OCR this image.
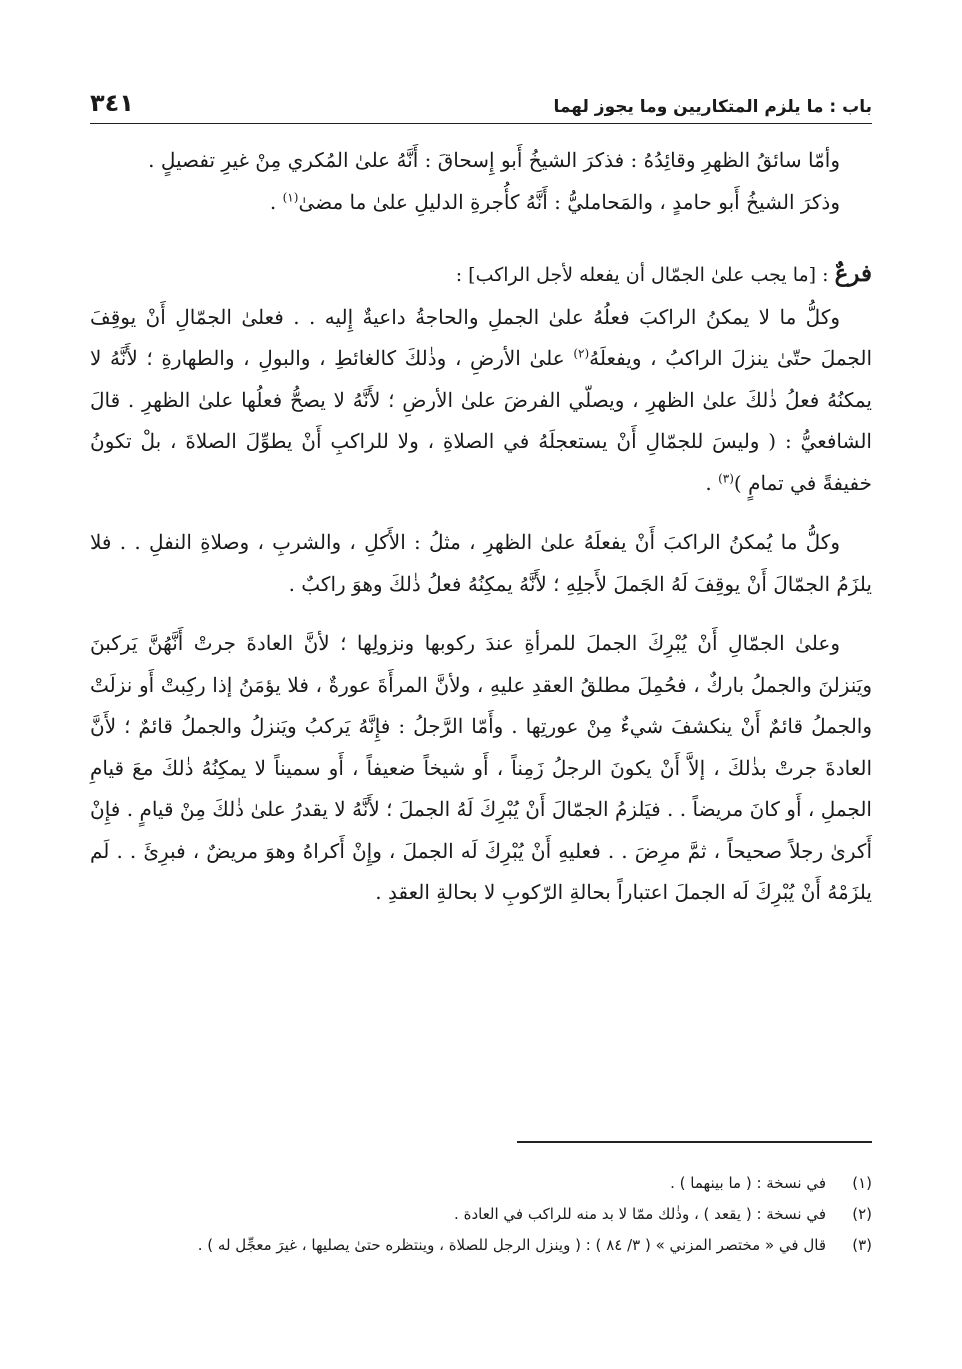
باب : ما يلزم المتكاريين وما يجوز لهما
٣٤١

وأمّا سائقُ الظهرِ وقائِدُهُ : فذكرَ الشيخُ أَبو إِسحاقَ : أَنَّهُ علىٰ المُكري مِنْ غيرِ تفصيلٍ .

وذكرَ الشيخُ أَبو حامدٍ ، والمَحامليُّ : أَنَّهُ كأُجرةِ الدليلِ علىٰ ما مضىٰ$^{(١)}$ .

فرعٌ : [ما يجب علىٰ الجمّال أن يفعله لأجل الراكب] :

وكلُّ ما لا يمكنُ الراكبَ فعلُهُ علىٰ الجملِ والحاجةُ داعيةٌ إِليه . . فعلىٰ الجمّالِ أَنْ يوقِفَ الجملَ حتّىٰ ينزلَ الراكبُ ، ويفعلَهُ$^{(٢)}$ علىٰ الأرضِ ، وذٰلكَ كالغائطِ ، والبولِ ، والطهارةِ ؛ لأَنَّهُ لا يمكنُهُ فعلُ ذٰلكَ علىٰ الظهرِ ، ويصلّي الفرضَ علىٰ الأرضِ ؛ لأَنَّهُ لا يصحُّ فعلُها علىٰ الظهرِ . قالَ الشافعيُّ : ( وليسَ للجمّالِ أَنْ يستعجلَهُ في الصلاةِ ، ولا للراكبِ أَنْ يطوِّلَ الصلاةَ ، بلْ تكونُ خفيفةً في تمامٍ )$^{(٣)}$ .

وكلُّ ما يُمكنُ الراكبَ أَنْ يفعلَهُ علىٰ الظهرِ ، مثلُ : الأَكلِ ، والشربِ ، وصلاةِ النفلِ . . فلا يلزَمُ الجمّالَ أَنْ يوقِفَ لَهُ الجَملَ لأَجلِهِ ؛ لأَنَّهُ يمكِنُهُ فعلُ ذٰلكَ وهوَ راكبٌ .

وعلىٰ الجمّالِ أَنْ يُبْرِكَ الجملَ للمرأةِ عندَ ركوبها ونزولِها ؛ لأنَّ العادةَ جرتْ أَنَّهُنَّ يَركبنَ ويَنزلنَ والجملُ باركٌ ، فحُمِلَ مطلقُ العقدِ عليهِ ، ولأنَّ المرأَةَ عورةٌ ، فلا يؤمَنُ إذا ركِبتْ أَو نزلَتْ والجملُ قائمٌ أَنْ ينكشفَ شيءٌ مِنْ عورتِها . وأَمّا الرَّجلُ : فإِنَّهُ يَركبُ ويَنزلُ والجملُ قائمٌ ؛ لأَنَّ العادةَ جرتْ بذٰلكَ ، إلاَّ أَنْ يكونَ الرجلُ زَمِناً ، أَو شيخاً ضعيفاً ، أَو سميناً لا يمكِنُهُ ذٰلكَ معَ قيامِ الجملِ ، أَو كانَ مريضاً . . فيَلزمُ الجمّالَ أَنْ يُبْرِكَ لَهُ الجملَ ؛ لأَنَّهُ لا يقدرُ علىٰ ذٰلكَ مِنْ قيامٍ . فإِنْ أَكرىٰ رجلاً صحيحاً ، ثمَّ مرِضَ . . فعليهِ أَنْ يُبْرِكَ لَه الجملَ ، وإِنْ أَكراهُ وهوَ مريضٌ ، فبرِئَ . . لَم يلزَمْهُ أَنْ يُبْرِكَ لَه الجملَ اعتباراً بحالةِ الرّكوبِ لا بحالةِ العقدِ .

(١)
في نسخة : ( ما بينهما ) .
(٢)
في نسخة : ( يقعد ) ، وذٰلك ممّا لا بد منه للراكب في العادة .
(٣)
قال في « مختصر المزني » ( ٣/ ٨٤ ) : ( وينزل الرجل للصلاة ، وينتظره حتىٰ يصليها ، غيرَ معجِّل له ) .
